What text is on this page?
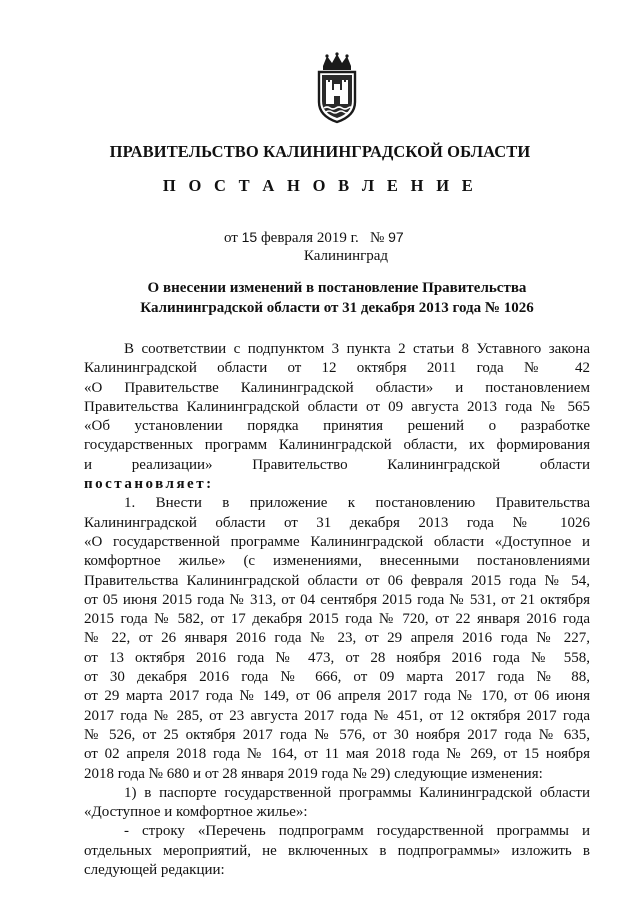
ПРАВИТЕЛЬСТВО КАЛИНИНГРАДСКОЙ ОБЛАСТИ
П О С Т А Н О В Л Е Н И Е
от 15 февраля 2019 г. № 97
Калининград
О внесении изменений в постановление Правительства
Калининградской области от 31 декабря 2013 года № 1026
В соответствии с подпунктом 3 пункта 2 статьи 8 Уставного закона
Калининградской области от 12 октября 2011 года № 42
«О Правительстве Калининградской области» и постановлением
Правительства Калининградской области от 09 августа 2013 года № 565
«Об установлении порядка принятия решений о разработке
государственных программ Калининградской области, их формирования
и реализации» Правительство Калининградской области
постановляет:
1. Внести в приложение к постановлению Правительства
Калининградской области от 31 декабря 2013 года № 1026
«О государственной программе Калининградской области «Доступное и
комфортное жилье» (с изменениями, внесенными постановлениями
Правительства Калининградской области от 06 февраля 2015 года № 54,
от 05 июня 2015 года № 313, от 04 сентября 2015 года № 531, от 21 октября
2015 года № 582, от 17 декабря 2015 года № 720, от 22 января 2016 года
№ 22, от 26 января 2016 года № 23, от 29 апреля 2016 года № 227,
от 13 октября 2016 года № 473, от 28 ноября 2016 года № 558,
от 30 декабря 2016 года № 666, от 09 марта 2017 года № 88,
от 29 марта 2017 года № 149, от 06 апреля 2017 года № 170, от 06 июня
2017 года № 285, от 23 августа 2017 года № 451, от 12 октября 2017 года
№ 526, от 25 октября 2017 года № 576, от 30 ноября 2017 года № 635,
от 02 апреля 2018 года № 164, от 11 мая 2018 года № 269, от 15 ноября
2018 года № 680 и от 28 января 2019 года № 29) следующие изменения:
1) в паспорте государственной программы Калининградской области
«Доступное и комфортное жилье»:
- строку «Перечень подпрограмм государственной программы и
отдельных мероприятий, не включенных в подпрограммы» изложить в
следующей редакции:
